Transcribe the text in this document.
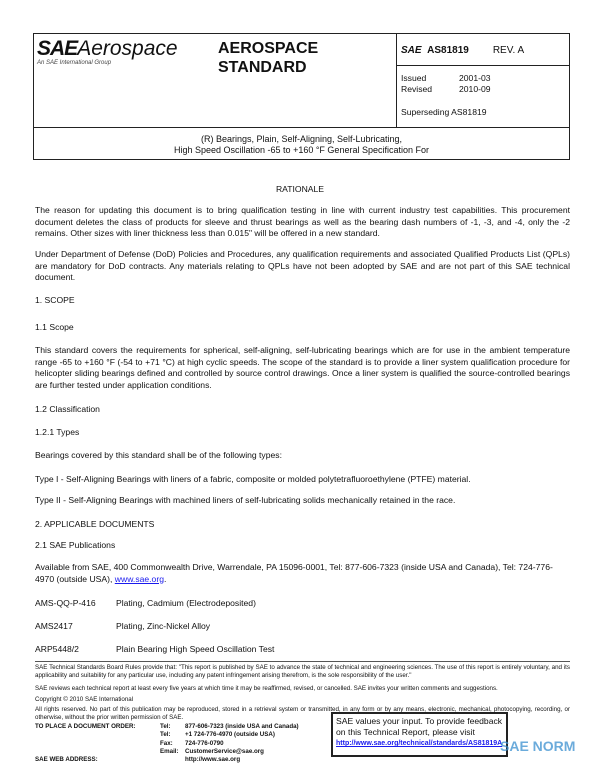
SAEAerospace
An SAE International Group
AEROSPACE STANDARD
SAE AS81819 REV. A
Issued	2001-03
Revised	2010-09
Superseding AS81819
(R) Bearings, Plain, Self-Aligning, Self-Lubricating,
High Speed Oscillation -65 to +160 °F General Specification For
RATIONALE
The reason for updating this document is to bring qualification testing in line with current industry test capabilities. This procurement document deletes the class of products for sleeve and thrust bearings as well as the bearing dash numbers of -1, -3, and -4, only the -2 remains. Other sizes with liner thickness less than 0.015" will be offered in a new standard.
Under Department of Defense (DoD) Policies and Procedures, any qualification requirements and associated Qualified Products List (QPLs) are mandatory for DoD contracts. Any materials relating to QPLs have not been adopted by SAE and are not part of this SAE technical document.
1. SCOPE
1.1 Scope
This standard covers the requirements for spherical, self-aligning, self-lubricating bearings which are for use in the ambient temperature range -65 to +160 °F (-54 to +71 °C) at high cyclic speeds. The scope of the standard is to provide a liner system qualification procedure for helicopter sliding bearings defined and controlled by source control drawings. Once a liner system is qualified the source-controlled bearings are further tested under application conditions.
1.2 Classification
1.2.1 Types
Bearings covered by this standard shall be of the following types:
Type I - Self-Aligning Bearings with liners of a fabric, composite or molded polytetrafluoroethylene (PTFE) material.
Type II - Self-Aligning Bearings with machined liners of self-lubricating solids mechanically retained in the race.
2. APPLICABLE DOCUMENTS
2.1 SAE Publications
Available from SAE, 400 Commonwealth Drive, Warrendale, PA 15096-0001, Tel: 877-606-7323 (inside USA and Canada), Tel: 724-776-4970 (outside USA), www.sae.org.
AMS-QQ-P-416 Plating, Cadmium (Electrodeposited)
AMS2417	Plating, Zinc-Nickel Alloy
ARP5448/2	Plain Bearing High Speed Oscillation Test
SAE Technical Standards Board Rules provide that: "This report is published by SAE to advance the state of technical and engineering sciences. The use of this report is entirely voluntary, and its applicability and suitability for any particular use, including any patent infringement arising therefrom, is the sole responsibility of the user."
SAE reviews each technical report at least every five years at which time it may be reaffirmed, revised, or cancelled. SAE invites your written comments and suggestions.
Copyright © 2010 SAE International
All rights reserved. No part of this publication may be reproduced, stored in a retrieval system or transmitted, in any form or by any means, electronic, mechanical, photocopying, recording, or otherwise, without the prior written permission of SAE.
TO PLACE A DOCUMENT ORDER:	Tel: 877-606-7323 (inside USA and Canada)
Tel: +1 724-776-4970 (outside USA)
Fax: 724-776-0790
Email: CustomerService@sae.org
http://www.sae.org
SAE WEB ADDRESS:
SAE values your input. To provide feedback
on this Technical Report, please visit
http://www.sae.org/technical/standards/AS81819A
SAE NORM
